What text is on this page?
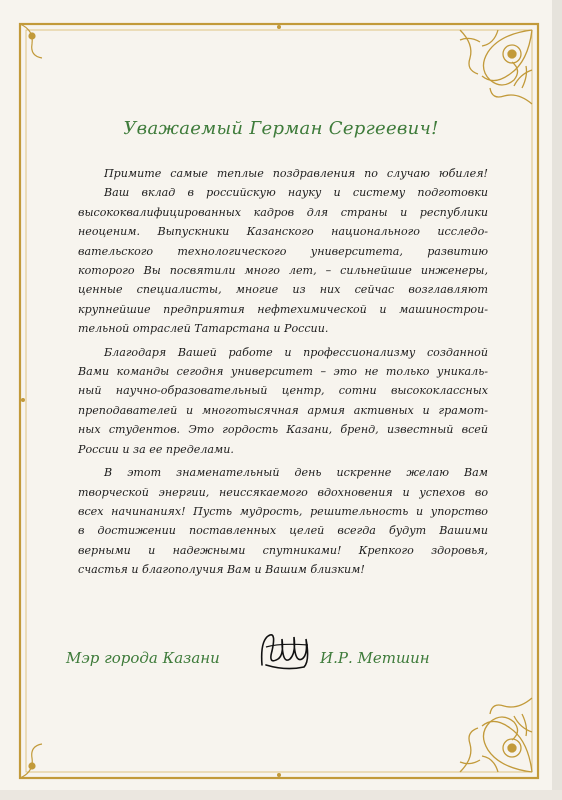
Уважаемый Герман Сергеевич!

Примите самые теплые поздравления по случаю юбилея!
Ваш вклад в российскую науку и систему подготовки
высококвалифицированных кадров для страны и республики
неоценим. Выпускники Казанского национального исследо-
вательского технологического университета, развитию
которого Вы посвятили много лет, – сильнейшие инженеры,
ценные специалисты, многие из них сейчас возглавляют
крупнейшие предприятия нефтехимической и машинострои-
тельной отраслей Татарстана и России.

Благодаря Вашей работе и профессионализму созданной
Вами команды сегодня университет – это не только уникаль-
ный научно-образовательный центр, сотни высококлассных
преподавателей и многотысячная армия активных и грамот-
ных студентов. Это гордость Казани, бренд, известный всей
России и за ее пределами.

В этот знаменательный день искренне желаю Вам
творческой энергии, неиссякаемого вдохновения и успехов во
всех начинаниях! Пусть мудрость, решительность и упорство
в достижении поставленных целей всегда будут Вашими
верными и надежными спутниками! Крепкого здоровья,
счастья и благополучия Вам и Вашим близким!

Мэр города Казани	И.Р. Метшин
